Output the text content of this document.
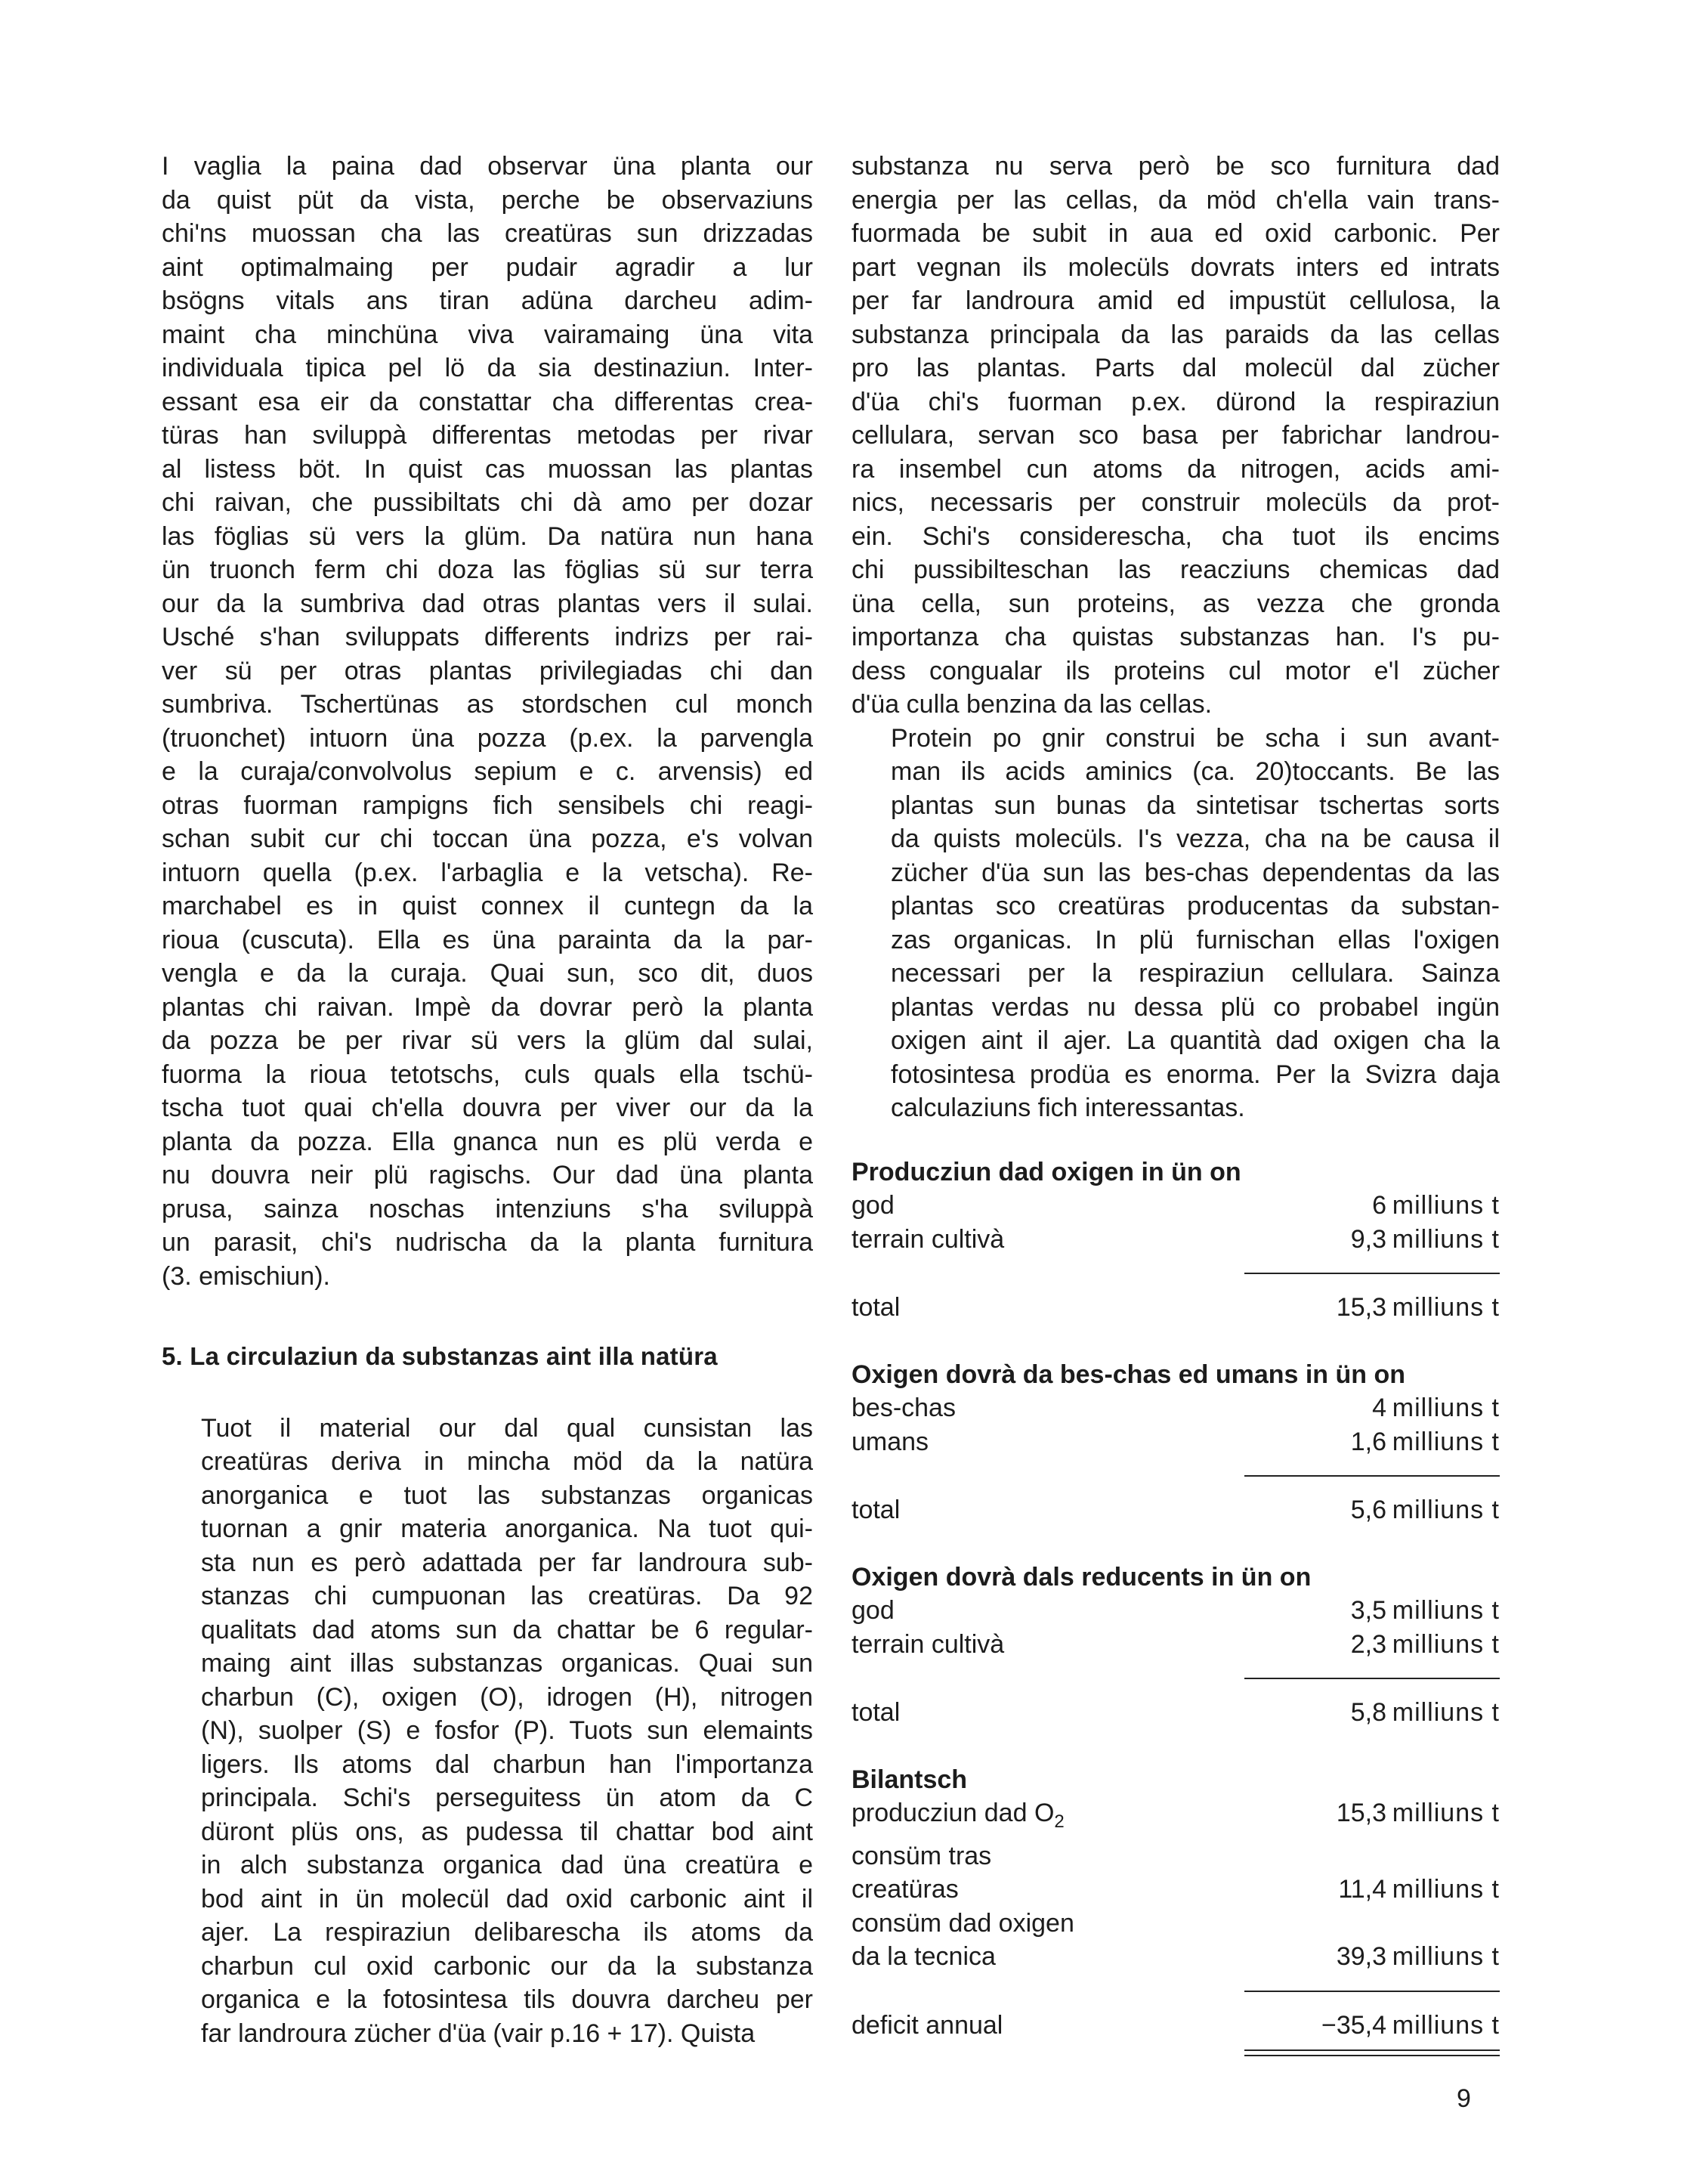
I vaglia la paina dad observar üna planta our
da quist püt da vista, perche be observaziuns
chi'ns muossan cha las creatüras sun drizzadas
aint optimalmaing per pudair agradir a lur
bsögns vitals ans tiran adüna darcheu adim-
maint cha minchüna viva vairamaing üna vita
individuala tipica pel lö da sia destinaziun. Inter-
essant esa eir da constattar cha differentas crea-
türas han sviluppà differentas metodas per rivar
al listess böt. In quist cas muossan las plantas
chi raivan, che pussibiltats chi dà amo per dozar
las föglias sü vers la glüm. Da natüra nun hana
ün truonch ferm chi doza las föglias sü sur terra
our da la sumbriva dad otras plantas vers il sulai.
Usché s'han sviluppats differents indrizs per rai-
ver sü per otras plantas privilegiadas chi dan
sumbriva. Tschertünas as stordschen cul monch
(truonchet) intuorn üna pozza (p.ex. la parvengla
e la curaja/convolvolus sepium e c. arvensis) ed
otras fuorman rampigns fich sensibels chi reagi-
schan subit cur chi toccan üna pozza, e's volvan
intuorn quella (p.ex. l'arbaglia e la vetscha). Re-
marchabel es in quist connex il cuntegn da la
rioua (cuscuta). Ella es üna parainta da la par-
vengla e da la curaja. Quai sun, sco dit, duos
plantas chi raivan. Impè da dovrar però la planta
da pozza be per rivar sü vers la glüm dal sulai,
fuorma la rioua tetotschs, culs quals ella tschü-
tscha tuot quai ch'ella douvra per viver our da la
planta da pozza. Ella gnanca nun es plü verda e
nu douvra neir plü ragischs. Our dad üna planta
prusa, sainza noschas intenziuns s'ha sviluppà
un parasit, chi's nudrischa da la planta furnitura
(3. emischiun).

5. La circulaziun da substanzas aint illa natüra

Tuot il material our dal qual cunsistan las
creatüras deriva in mincha möd da la natüra
anorganica e tuot las substanzas organicas
tuornan a gnir materia anorganica. Na tuot qui-
sta nun es però adattada per far landroura sub-
stanzas chi cumpuonan las creatüras. Da 92
qualitats dad atoms sun da chattar be 6 regular-
maing aint illas substanzas organicas. Quai sun
charbun (C), oxigen (O), idrogen (H), nitrogen
(N), suolper (S) e fosfor (P). Tuots sun elemaints
ligers. Ils atoms dal charbun han l'importanza
principala. Schi's perseguitess ün atom da C
düront plüs ons, as pudessa til chattar bod aint
in alch substanza organica dad üna creatüra e
bod aint in ün molecül dad oxid carbonic aint il
ajer. La respiraziun delibarescha ils atoms da
charbun cul oxid carbonic our da la substanza
organica e la fotosintesa tils douvra darcheu per
far landroura zücher d'üa (vair p.16 + 17). Quista

substanza nu serva però be sco furnitura dad
energia per las cellas, da möd ch'ella vain trans-
fuormada be subit in aua ed oxid carbonic. Per
part vegnan ils molecüls dovrats inters ed intrats
per far landroura amid ed impustüt cellulosa, la
substanza principala da las paraids da las cellas
pro las plantas. Parts dal molecül dal zücher
d'üa chi's fuorman p.ex. dürond la respiraziun
cellulara, servan sco basa per fabrichar landrou-
ra insembel cun atoms da nitrogen, acids ami-
nics, necessaris per construir molecüls da prot-
ein. Schi's considerescha, cha tuot ils encims
chi pussibilteschan las reacziuns chemicas dad
üna cella, sun proteins, as vezza che gronda
importanza cha quistas substanzas han. I's pu-
dess congualar ils proteins cul motor e'l zücher
d'üa culla benzina da las cellas.

Protein po gnir construi be scha i sun avant-
man ils acids aminics (ca. 20)toccants. Be las
plantas sun bunas da sintetisar tschertas sorts
da quists molecüls. I's vezza, cha na be causa il
zücher d'üa sun las bes-chas dependentas da las
plantas sco creatüras producentas da substan-
zas organicas. In plü furnischan ellas l'oxigen
necessari per la respiraziun cellulara. Sainza
plantas verdas nu dessa plü co probabel ingün
oxigen aint il ajer. La quantità dad oxigen cha la
fotosintesa prodüa es enorma. Per la Svizra daja
calculaziuns fich interessantas.

Producziun dad oxigen in ün on
god	6 milliuns t
terrain cultivà	9,3 milliuns t
total	15,3 milliuns t
Oxigen dovrà da bes-chas ed umans in ün on
bes-chas	4 milliuns t
umans	1,6 milliuns t
total	5,6 milliuns t
Oxigen dovrà dals reducents in ün on
god	3,5 milliuns t
terrain cultivà	2,3 milliuns t
total	5,8 milliuns t
Bilantsch
producziun dad $O_2$	15,3 milliuns t
consüm tras
creatüras	11,4 milliuns t
consüm dad oxigen
da la tecnica	39,3 milliuns t
deficit annual	−35,4 milliuns t
9
